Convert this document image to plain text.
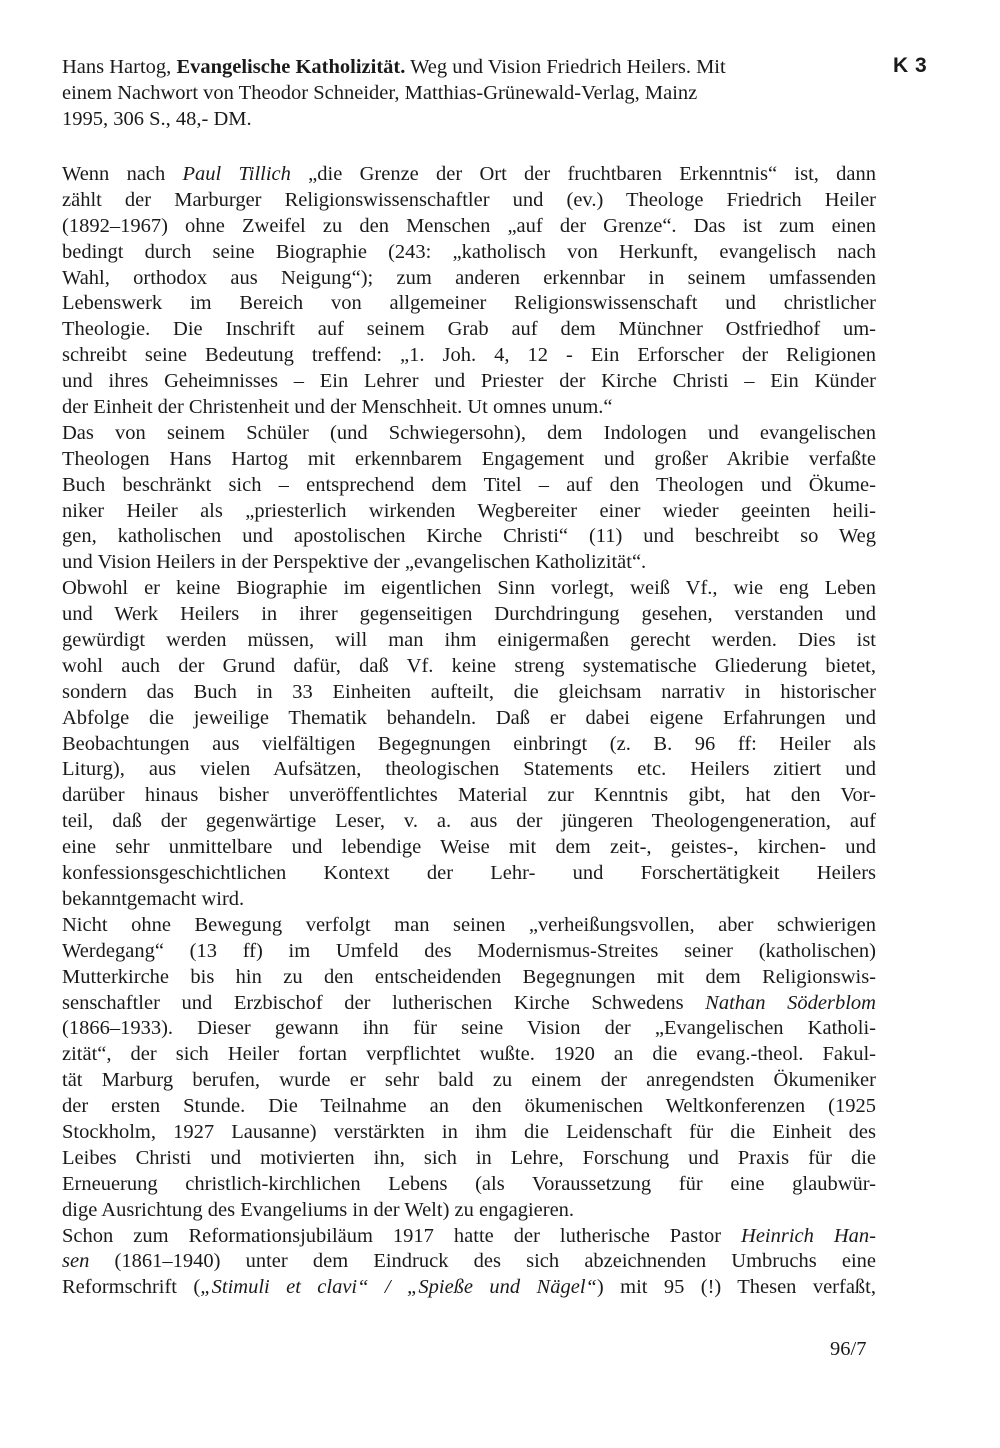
K 3
Hans Hartog, Evangelische Katholizität. Weg und Vision Friedrich Heilers. Mit
einem Nachwort von Theodor Schneider, Matthias-Grünewald-Verlag, Mainz
1995, 306 S., 48,- DM.
Wenn nach Paul Tillich „die Grenze der Ort der fruchtbaren Erkenntnis“ ist, dann
zählt der Marburger Religionswissenschaftler und (ev.) Theologe Friedrich Heiler
(1892–1967) ohne Zweifel zu den Menschen „auf der Grenze“. Das ist zum einen
bedingt durch seine Biographie (243: „katholisch von Herkunft, evangelisch nach
Wahl, orthodox aus Neigung“); zum anderen erkennbar in seinem umfassenden
Lebenswerk im Bereich von allgemeiner Religionswissenschaft und christlicher
Theologie. Die Inschrift auf seinem Grab auf dem Münchner Ostfriedhof um-
schreibt seine Bedeutung treffend: „1. Joh. 4, 12 - Ein Erforscher der Religionen
und ihres Geheimnisses – Ein Lehrer und Priester der Kirche Christi – Ein Künder
der Einheit der Christenheit und der Menschheit. Ut omnes unum.“
Das von seinem Schüler (und Schwiegersohn), dem Indologen und evangelischen
Theologen Hans Hartog mit erkennbarem Engagement und großer Akribie verfaßte
Buch beschränkt sich – entsprechend dem Titel – auf den Theologen und Ökume-
niker Heiler als „priesterlich wirkenden Wegbereiter einer wieder geeinten heili-
gen, katholischen und apostolischen Kirche Christi“ (11) und beschreibt so Weg
und Vision Heilers in der Perspektive der „evangelischen Katholizität“.
Obwohl er keine Biographie im eigentlichen Sinn vorlegt, weiß Vf., wie eng Leben
und Werk Heilers in ihrer gegenseitigen Durchdringung gesehen, verstanden und
gewürdigt werden müssen, will man ihm einigermaßen gerecht werden. Dies ist
wohl auch der Grund dafür, daß Vf. keine streng systematische Gliederung bietet,
sondern das Buch in 33 Einheiten aufteilt, die gleichsam narrativ in historischer
Abfolge die jeweilige Thematik behandeln. Daß er dabei eigene Erfahrungen und
Beobachtungen aus vielfältigen Begegnungen einbringt (z. B. 96 ff: Heiler als
Liturg), aus vielen Aufsätzen, theologischen Statements etc. Heilers zitiert und
darüber hinaus bisher unveröffentlichtes Material zur Kenntnis gibt, hat den Vor-
teil, daß der gegenwärtige Leser, v. a. aus der jüngeren Theologengeneration, auf
eine sehr unmittelbare und lebendige Weise mit dem zeit-, geistes-, kirchen- und
konfessionsgeschichtlichen Kontext der Lehr- und Forschertätigkeit Heilers
bekanntgemacht wird.
Nicht ohne Bewegung verfolgt man seinen „verheißungsvollen, aber schwierigen
Werdegang“ (13 ff) im Umfeld des Modernismus-Streites seiner (katholischen)
Mutterkirche bis hin zu den entscheidenden Begegnungen mit dem Religionswis-
senschaftler und Erzbischof der lutherischen Kirche Schwedens Nathan Söderblom
(1866–1933). Dieser gewann ihn für seine Vision der „Evangelischen Katholi-
zität“, der sich Heiler fortan verpflichtet wußte. 1920 an die evang.-theol. Fakul-
tät Marburg berufen, wurde er sehr bald zu einem der anregendsten Ökumeniker
der ersten Stunde. Die Teilnahme an den ökumenischen Weltkonferenzen (1925
Stockholm, 1927 Lausanne) verstärkten in ihm die Leidenschaft für die Einheit des
Leibes Christi und motivierten ihn, sich in Lehre, Forschung und Praxis für die
Erneuerung christlich-kirchlichen Lebens (als Voraussetzung für eine glaubwür-
dige Ausrichtung des Evangeliums in der Welt) zu engagieren.
Schon zum Reformationsjubiläum 1917 hatte der lutherische Pastor Heinrich Han-
sen (1861–1940) unter dem Eindruck des sich abzeichnenden Umbruchs eine
Reformschrift („Stimuli et clavi“ / „Spieße und Nägel“) mit 95 (!) Thesen verfaßt,
96/7
